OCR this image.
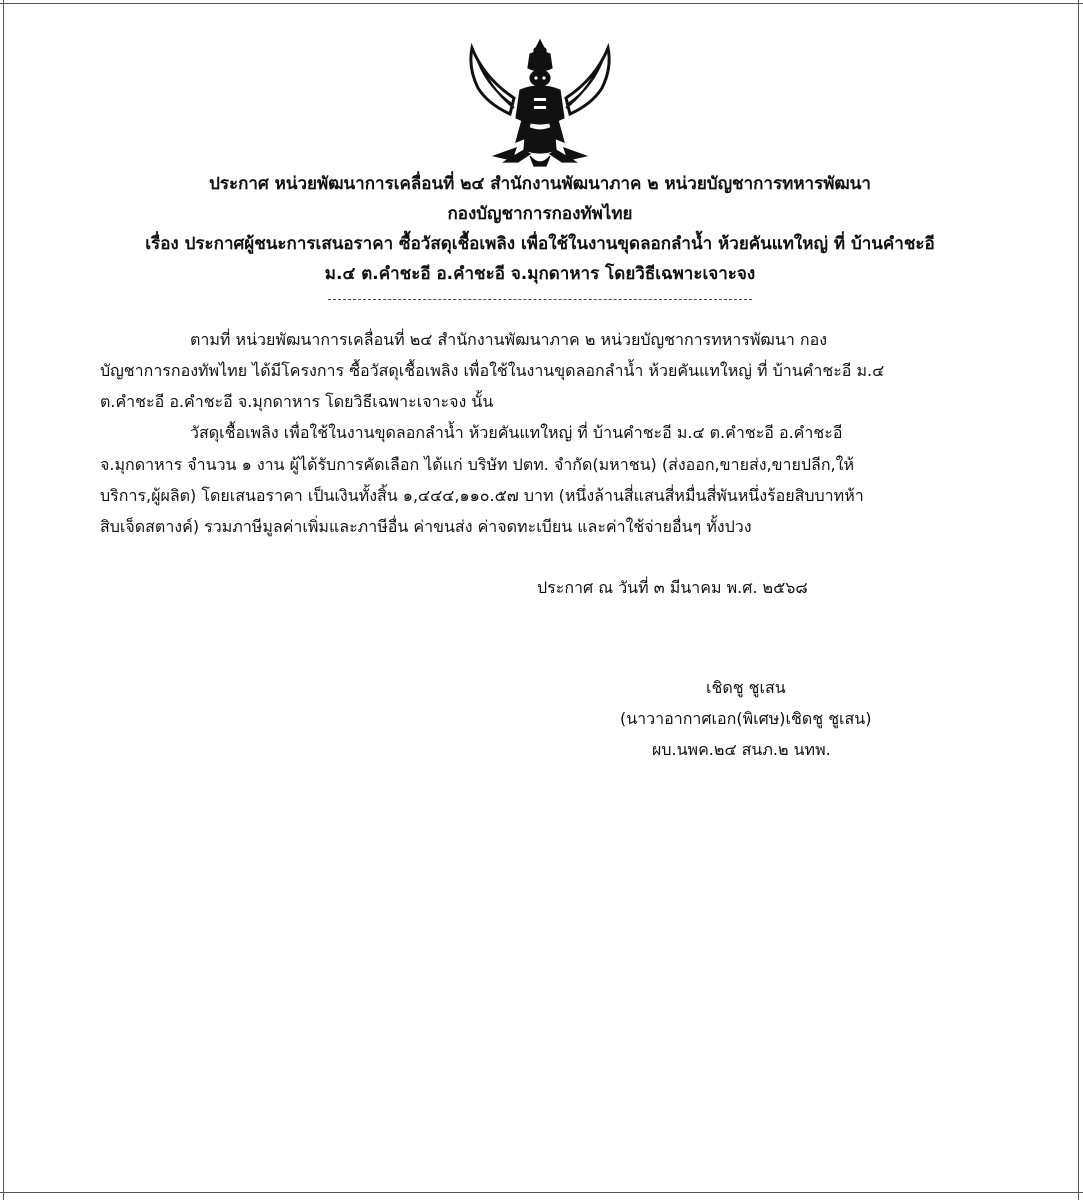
ประกาศ หน่วยพัฒนาการเคลื่อนที่ ๒๔ สำนักงานพัฒนาภาค ๒ หน่วยบัญชาการทหารพัฒนา
กองบัญชาการกองทัพไทย
เรื่อง ประกาศผู้ชนะการเสนอราคา ซื้อวัสดุเชื้อเพลิง เพื่อใช้ในงานขุดลอกลำน้ำ ห้วยคันแทใหญ่ ที่ บ้านคำชะอี
ม.๔ ต.คำชะอี อ.คำชะอี จ.มุกดาหาร โดยวิธีเฉพาะเจาะจง
ตามที่ หน่วยพัฒนาการเคลื่อนที่ ๒๔ สำนักงานพัฒนาภาค ๒ หน่วยบัญชาการทหารพัฒนา กอง
บัญชาการกองทัพไทย ได้มีโครงการ ซื้อวัสดุเชื้อเพลิง เพื่อใช้ในงานขุดลอกลำน้ำ ห้วยคันแทใหญ่ ที่ บ้านคำชะอี ม.๔
ต.คำชะอี อ.คำชะอี จ.มุกดาหาร โดยวิธีเฉพาะเจาะจง นั้น
วัสดุเชื้อเพลิง เพื่อใช้ในงานขุดลอกลำน้ำ ห้วยคันแทใหญ่ ที่ บ้านคำชะอี ม.๔ ต.คำชะอี อ.คำชะอี
จ.มุกดาหาร จำนวน ๑ งาน ผู้ได้รับการคัดเลือก ได้แก่ บริษัท ปตท. จำกัด(มหาชน) (ส่งออก,ขายส่ง,ขายปลีก,ให้
บริการ,ผู้ผลิต) โดยเสนอราคา เป็นเงินทั้งสิ้น ๑,๔๔๔,๑๑๐.๕๗ บาท (หนึ่งล้านสี่แสนสี่หมื่นสี่พันหนึ่งร้อยสิบบาทห้า
สิบเจ็ดสตางค์) รวมภาษีมูลค่าเพิ่มและภาษีอื่น ค่าขนส่ง ค่าจดทะเบียน และค่าใช้จ่ายอื่นๆ ทั้งปวง
ประกาศ ณ วันที่ ๓ มีนาคม พ.ศ. ๒๕๖๘
เชิดชู ชูเสน
(นาวาอากาศเอก(พิเศษ)เชิดชู ชูเสน)
ผบ.นพค.๒๔ สนภ.๒ นทพ.
